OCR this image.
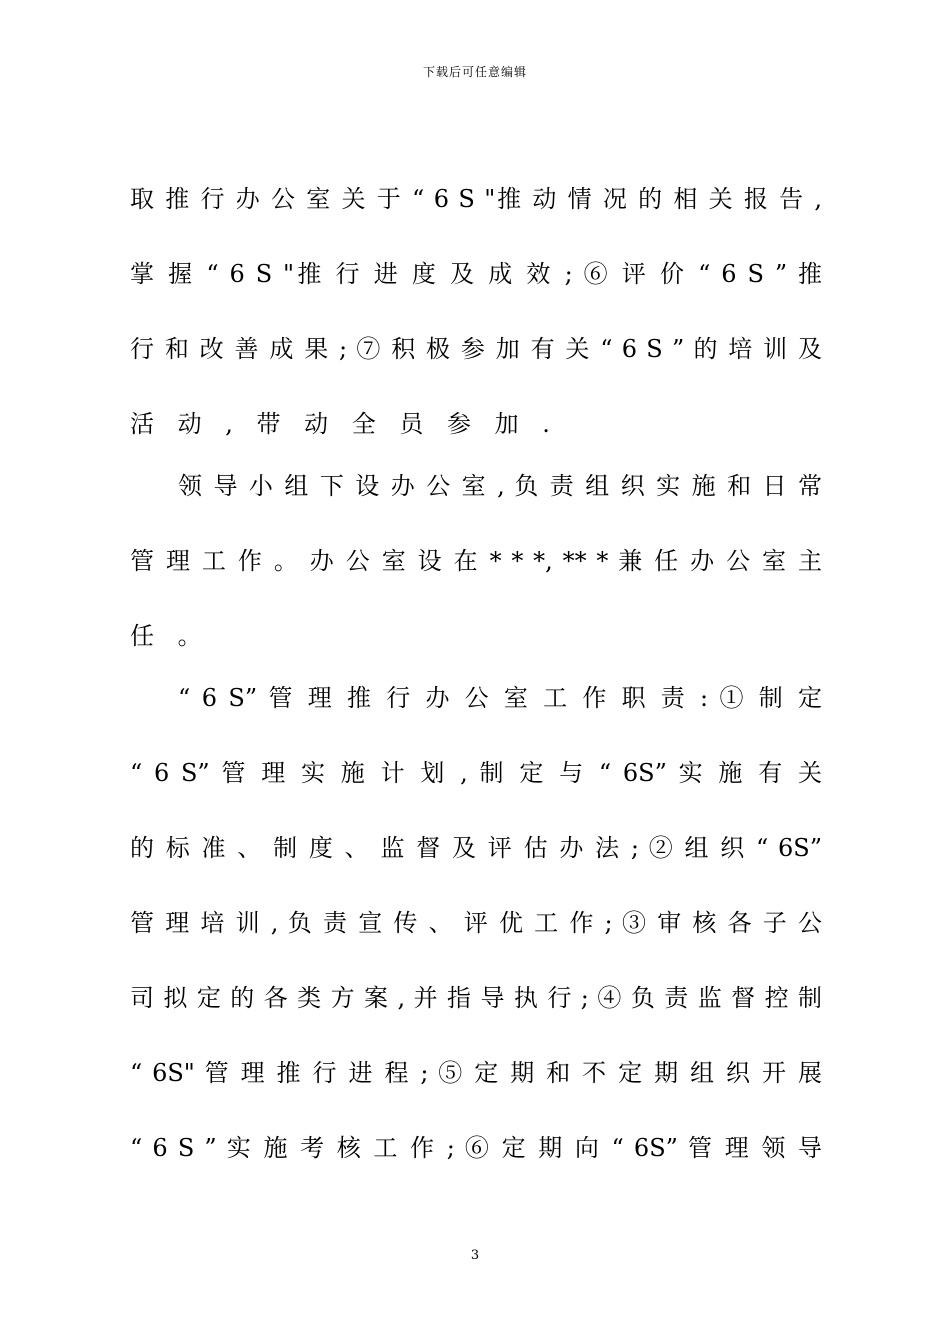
下载后可任意编辑
取 推 行 办 公 室 关 于 “ 6 S "推 动 情 况 的 相 关 报 告 ,
掌 握 “ 6 S "推 行 进 度 及 成 效 ; ⑥ 评 价 “ 6 S ” 推
行 和 改 善 成 果 ; ⑦ 积 极 参 加 有 关 “ 6 S ” 的 培 训 及
活 动 , 带 动 全 员 参 加 .
领 导 小 组 下 设 办 公 室 , 负 责 组 织 实 施 和 日 常
管 理 工 作 。 办 公 室 设 在 * * *, ** * 兼 任 办 公 室 主
任 。
“ 6 S” 管 理 推 行 办 公 室 工 作 职 责 : ① 制 定
“ 6 S” 管 理 实 施 计 划 , 制 定 与 “ 6S” 实 施 有 关
的 标 准 、 制 度 、 监 督 及 评 估 办 法 ; ② 组 织 “ 6S”
管 理 培 训 , 负 责 宣 传 、 评 优 工 作 ; ③ 审 核 各 子 公
司 拟 定 的 各 类 方 案 , 并 指 导 执 行 ; ④ 负 责 监 督 控 制
“ 6S" 管 理 推 行 进 程 ; ⑤ 定 期 和 不 定 期 组 织 开 展
“ 6 S ” 实 施 考 核 工 作 ; ⑥ 定 期 向 “ 6S” 管 理 领 导
3
